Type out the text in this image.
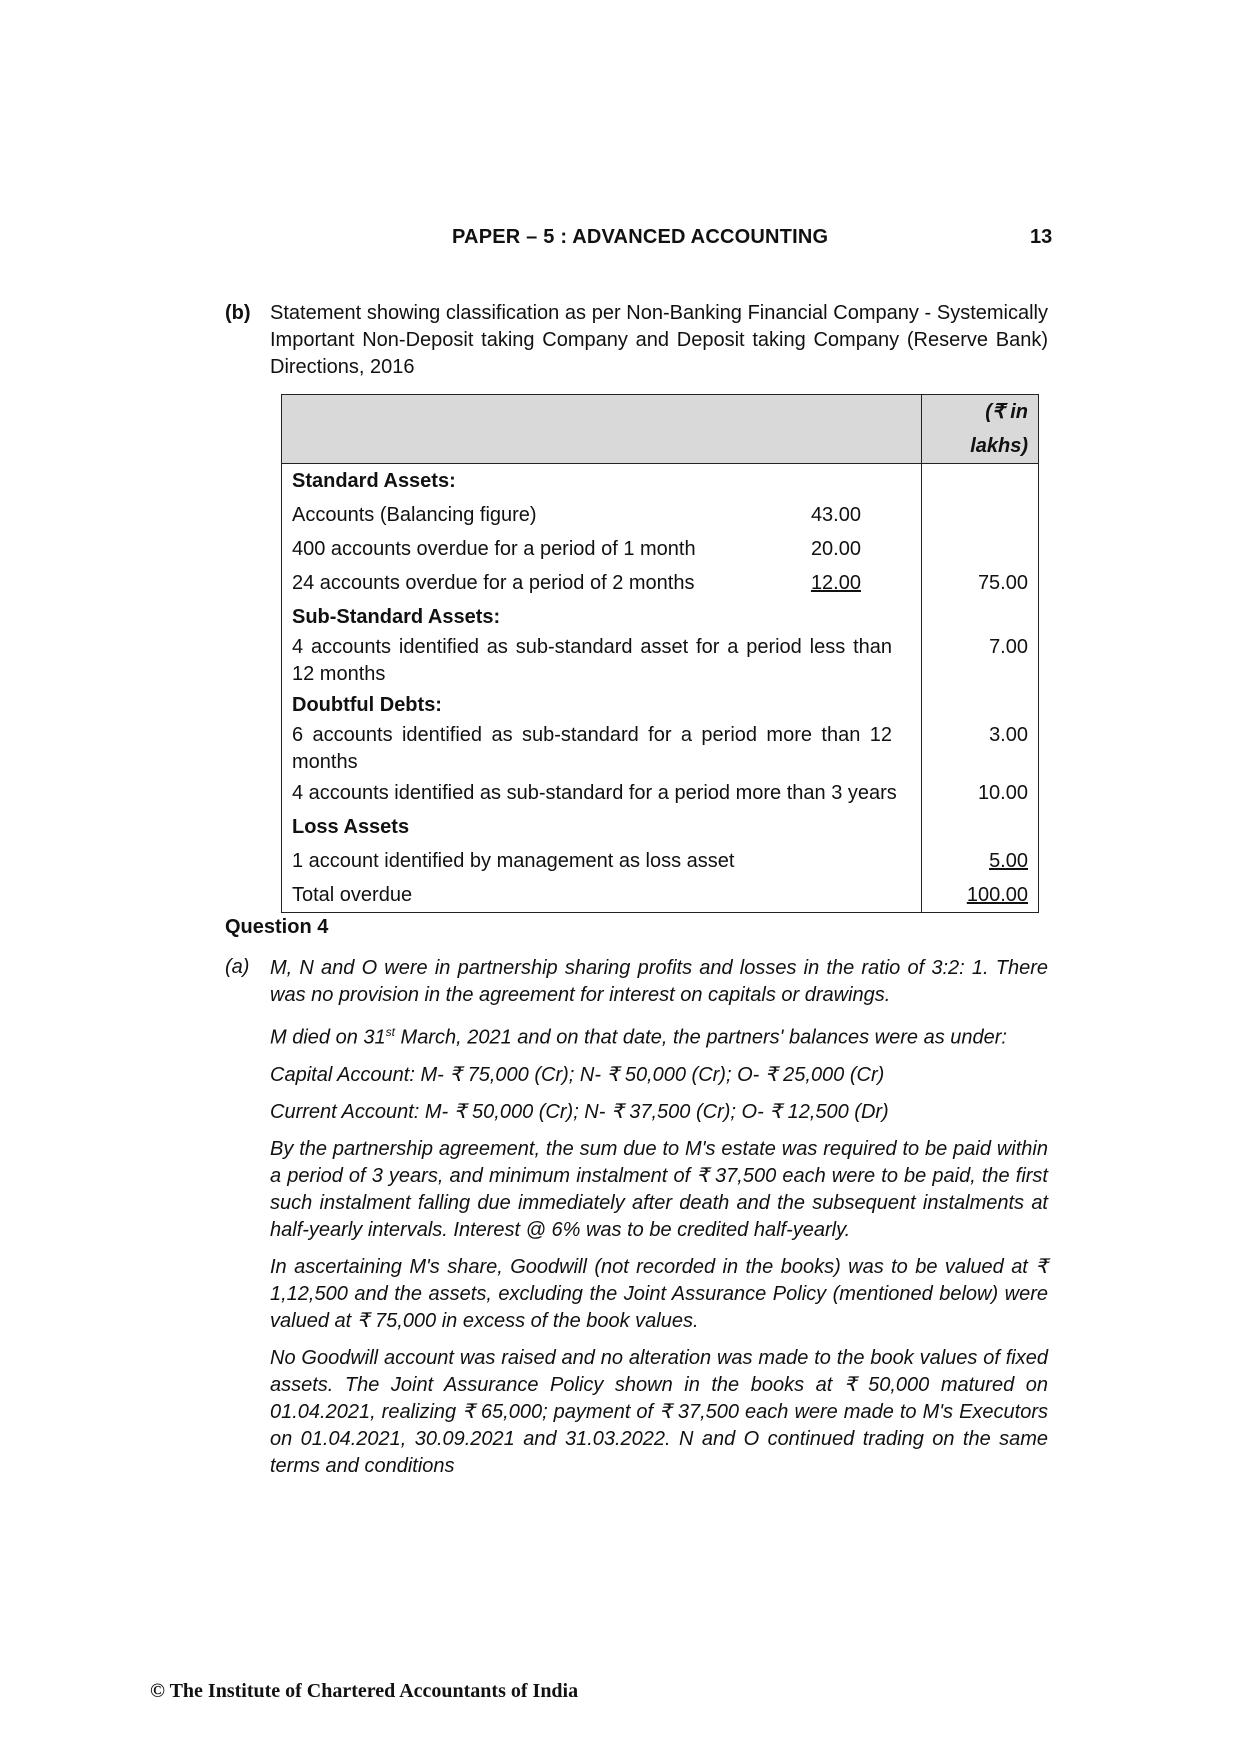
PAPER – 5 : ADVANCED ACCOUNTING	13
(b) Statement showing classification as per Non-Banking Financial Company - Systemically Important Non-Deposit taking Company and Deposit taking Company (Reserve Bank) Directions, 2016
	(₹ in lakhs)
Standard Assets:	

Accounts (Balancing figure) 43.00	

400 accounts overdue for a period of 1 month 20.00	

24 accounts overdue for a period of 2 months 12.00	75.00
Sub-Standard Assets:	

4 accounts identified as sub-standard asset for a period less than 12 months	7.00
Doubtful Debts:	

6 accounts identified as sub-standard for a period more than 12 months	3.00
4 accounts identified as sub-standard for a period more than 3 years	10.00
Loss Assets	
1 account identified by management as loss asset	5.00
Total overdue	100.00
Question 4
(a) M, N and O were in partnership sharing profits and losses in the ratio of 3:2: 1. There was no provision in the agreement for interest on capitals or drawings.

M died on 31st March, 2021 and on that date, the partners' balances were as under:

Capital Account: M- ₹ 75,000 (Cr); N- ₹ 50,000 (Cr); O- ₹ 25,000 (Cr)

Current Account: M- ₹ 50,000 (Cr); N- ₹ 37,500 (Cr); O- ₹ 12,500 (Dr)

By the partnership agreement, the sum due to M's estate was required to be paid within a period of 3 years, and minimum instalment of ₹ 37,500 each were to be paid, the first such instalment falling due immediately after death and the subsequent instalments at half-yearly intervals. Interest @ 6% was to be credited half-yearly.

In ascertaining M's share, Goodwill (not recorded in the books) was to be valued at ₹ 1,12,500 and the assets, excluding the Joint Assurance Policy (mentioned below) were valued at ₹ 75,000 in excess of the book values.

No Goodwill account was raised and no alteration was made to the book values of fixed assets. The Joint Assurance Policy shown in the books at ₹ 50,000 matured on 01.04.2021, realizing ₹ 65,000; payment of ₹ 37,500 each were made to M's Executors on 01.04.2021, 30.09.2021 and 31.03.2022. N and O continued trading on the same terms and conditions

© The Institute of Chartered Accountants of India
